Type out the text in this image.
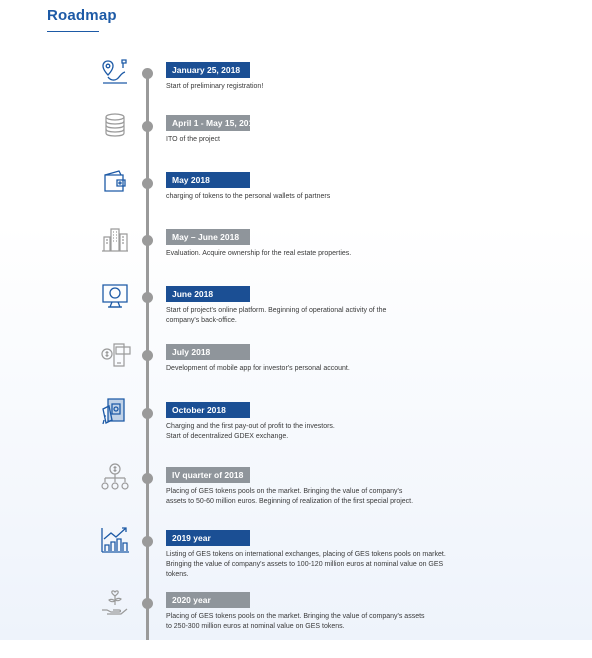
Roadmap
January 25, 2018
Start of preliminary registration!
April 1 - May 15, 2018
ITO of the project
May 2018
charging of tokens to the personal wallets of partners
May – June 2018
Evaluation. Acquire ownership for the real estate properties.
June 2018
Start of project's online platform. Beginning of operational activity of the
company's back-office.
July 2018
Development of mobile app for investor's personal account.
October 2018
Charging and the first pay-out of profit to the investors.
Start of decentralized GDEX exchange.
IV quarter of 2018
Placing of GES tokens pools on the market. Bringing the value of company's
assets to 50-60 million euros. Beginning of realization of the first special project.
2019 year
Listing of GES tokens on international exchanges, placing of GES tokens pools on market.
Bringing the value of company's assets to 100-120 million euros at nominal value on GES tokens.
2020 year
Placing of GES tokens pools on the market. Bringing the value of company's assets
to 250-300 million euros at nominal value on GES tokens.
